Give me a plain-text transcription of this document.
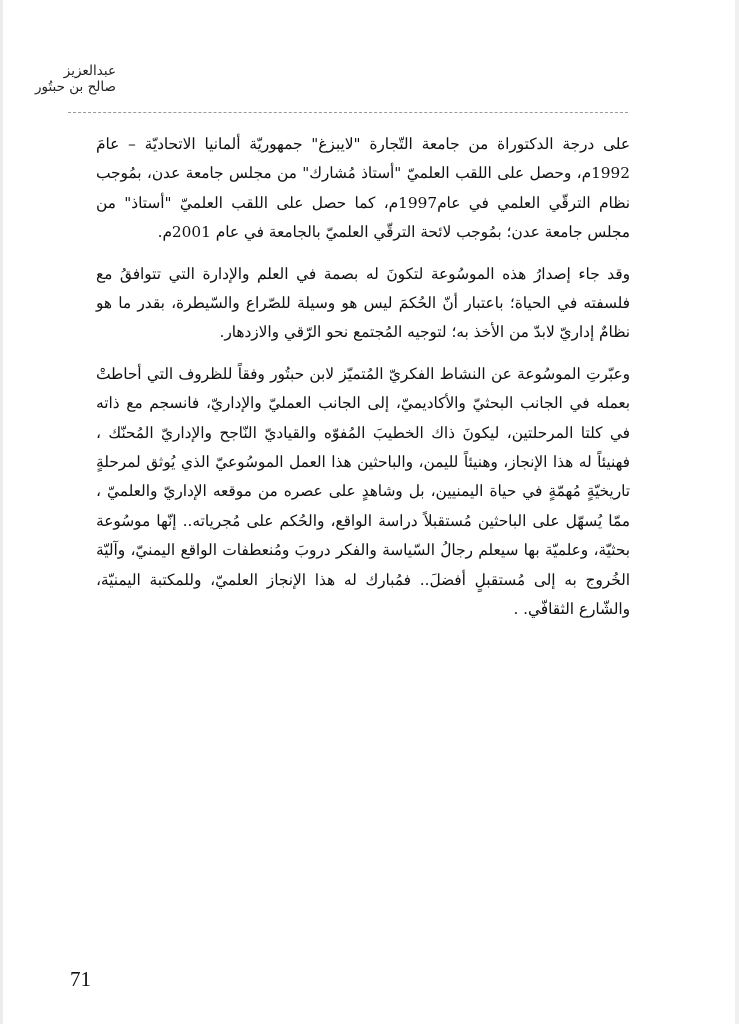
عبدالعزيز
صالح بن حبتُور

على درجة الدكتوراة من جامعة التّجارة "لايبزغ" جمهوريّة ألمانيا الاتحاديّة – عامَ 1992م، وحصل على اللقب العلميّ "أستاذ مُشارك" من مجلس جامعة عدن، بمُوجب نظام الترقّي العلمي في عام1997م، كما حصل على اللقب العلميّ "أستاذ" من مجلس جامعة عدن؛ بمُوجب لائحة الترقّي العلميّ بالجامعة في عام 2001م.

وقد جاء إصدارُ هذه الموسُوعة لتكونَ له بصمة في العلم والإدارة التي تتوافقُ مع فلسفته في الحياة؛ باعتبار أنّ الحُكمَ ليس هو وسيلة للصّراع والسّيطرة، بقدر ما هو نظامٌ إداريّ لابدّ من الأخذ به؛ لتوجيه المُجتمع نحو الرّقي والازدهار.

وعبّرتِ الموسُوعة عن النشاط الفكريّ المُتميّز لابن حبتُور وفقاً للظروف التي أحاطتْ بعمله في الجانب البحثيّ والأكاديميّ، إلى الجانب العمليّ والإداريّ، فانسجم مع ذاته في كلتا المرحلتين، ليكونَ ذاك الخطيبَ المُفوّه والقياديّ النّاجح والإداريّ المُحنّك ، فهنيئاً له هذا الإنجاز، وهنيئاً لليمن، والباحثين هذا العمل الموسُوعيّ الذي يُوثق لمرحلةٍ تاريخيّةٍ مُهمّةٍ في حياة اليمنيين، بل وشاهدٍ على عصره من موقعه الإداريّ والعلميّ ، ممّا يُسهّل على الباحثين مُستقبلاً دراسة الواقع، والحُكم على مُجرياته.. إنّها موسُوعة بحثيّة، وعلميّة بها سيعلم رجالُ السّياسة والفكر دروبَ ومُنعطفات الواقع اليمنيّ، وآليّة الخُروج به إلى مُستقبلٍ أفضلَ.. فمُبارك له هذا الإنجاز العلميّ، وللمكتبة اليمنيّة، والشّارع الثقافّي. .

71
